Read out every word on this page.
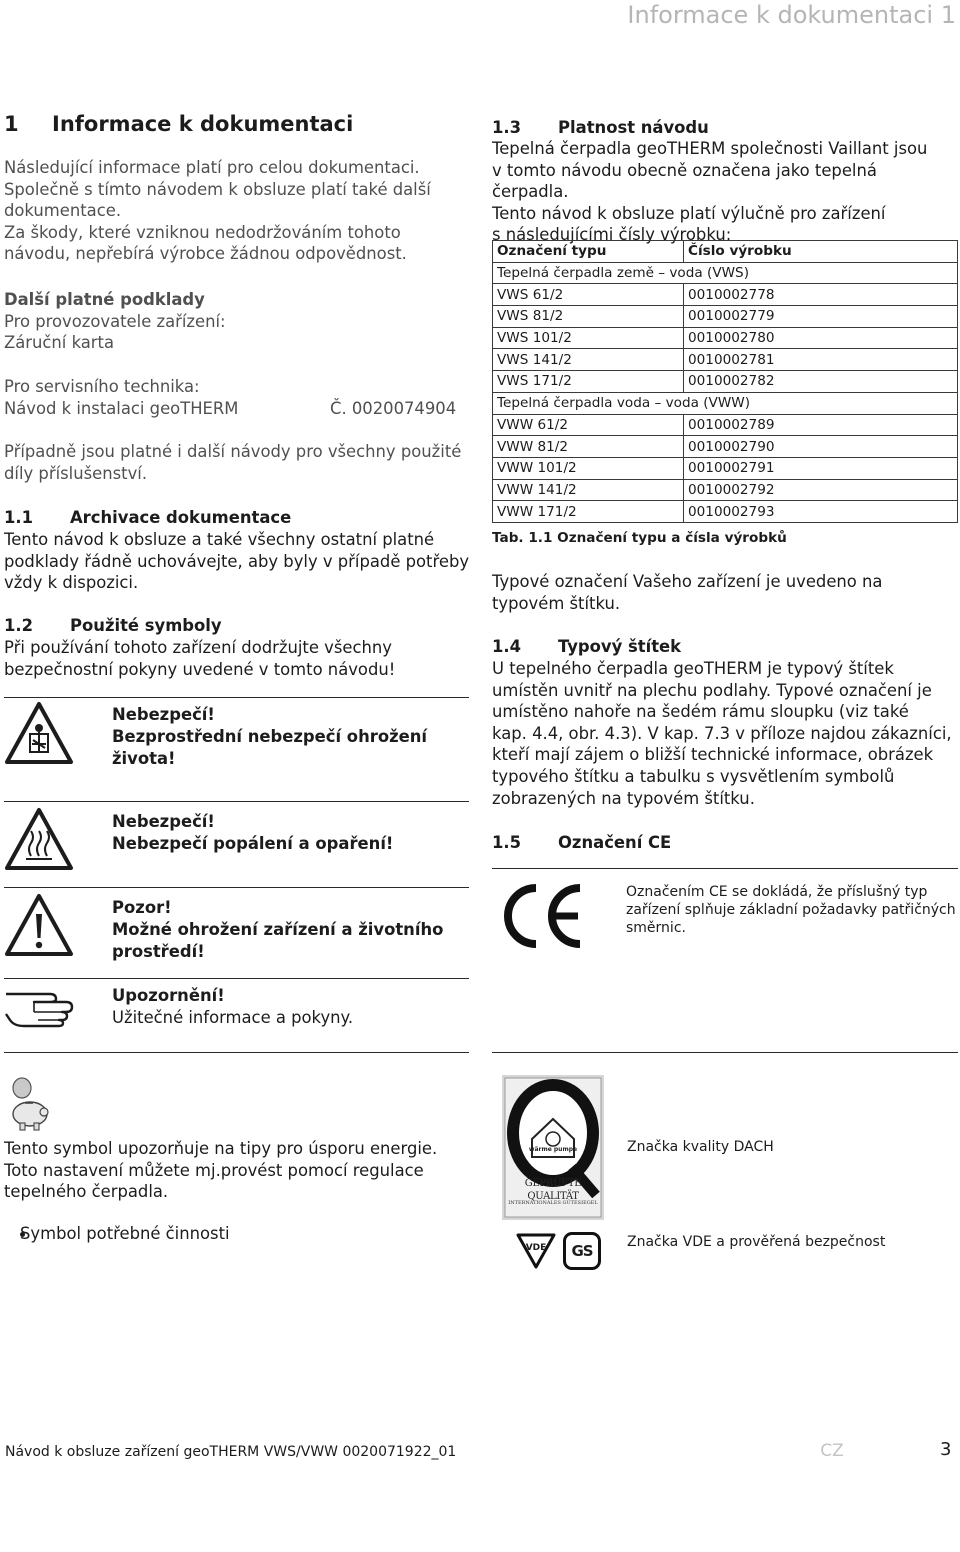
Informace k dokumentaci 1
1 Informace k dokumentaci

Následující informace platí pro celou dokumentaci.

Společně s tímto návodem k obsluze platí také další

dokumentace.

Za škody, které vzniknou nedodržováním tohoto

návodu, nepřebírá výrobce žádnou odpovědnost.

Další platné podklady

Pro provozovatele zařízení:

Záruční karta

Pro servisního technika:

Návod k instalaci geoTHERM	Č. 0020074904

Případně jsou platné i další návody pro všechny použité

díly příslušenství.

1.1 Archivace dokumentace

Tento návod k obsluze a také všechny ostatní platné

podklady řádně uchovávejte, aby byly v případě potřeby

vždy k dispozici.

1.2 Použité symboly

Při používání tohoto zařízení dodržujte všechny

bezpečnostní pokyny uvedené v tomto návodu!

Nebezpečí!

Bezprostřední nebezpečí ohrožení

života!

Nebezpečí!

Nebezpečí popálení a opaření!

Pozor!

Možné ohrožení zařízení a životního

prostředí!

Upozornění!

Užitečné informace a pokyny.

Tento symbol upozorňuje na tipy pro úsporu energie.

Toto nastavení můžete mj.provést pomocí regulace

tepelného čerpadla.

Symbol potřebné činnosti

1.3 Platnost návodu

Tepelná čerpadla geoTHERM společnosti Vaillant jsou

v tomto návodu obecně označena jako tepelná čerpadla.

Tento návod k obsluze platí výlučně pro zařízení

s následujícími čísly výrobku:

Označení typu	Číslo výrobku
Tepelná čerpadla země – voda (VWS)	
VWS 61/2	0010002778
VWS 81/2	0010002779
VWS 101/2	0010002780
VWS 141/2	0010002781
VWS 171/2	0010002782
Tepelná čerpadla voda – voda (VWW)	
VWW 61/2	0010002789
VWW 81/2	0010002790
VWW 101/2	0010002791
VWW 141/2	0010002792
VWW 171/2	0010002793

Tab. 1.1 Označení typu a čísla výrobků

Typové označení Vašeho zařízení je uvedeno na

typovém štítku.

1.4 Typový štítek

U tepelného čerpadla geoTHERM je typový štítek

umístěn uvnitř na plechu podlahy. Typové označení je

umístěno nahoře na šedém rámu sloupku (viz také

kap. 4.4, obr. 4.3). V kap. 7.3 v příloze najdou zákazníci,

kteří mají zájem o bližší technické informace, obrázek

typového štítku a tabulku s vysvětlením symbolů

zobrazených na typovém štítku.

1.5 Označení CE

Označením CE se dokládá, že příslušný typ

zařízení splňuje základní požadavky patřičných

směrnic.

wärme pumpe
GEPRÜFTE QUALITÄT
INTERNATIONALES GÜTESIEGEL

Značka kvality DACH

VDE	GS	Značka VDE a prověřená bezpečnost

Návod k obsluze zařízení geoTHERM VWS/VWW 0020071922_01	CZ	3
